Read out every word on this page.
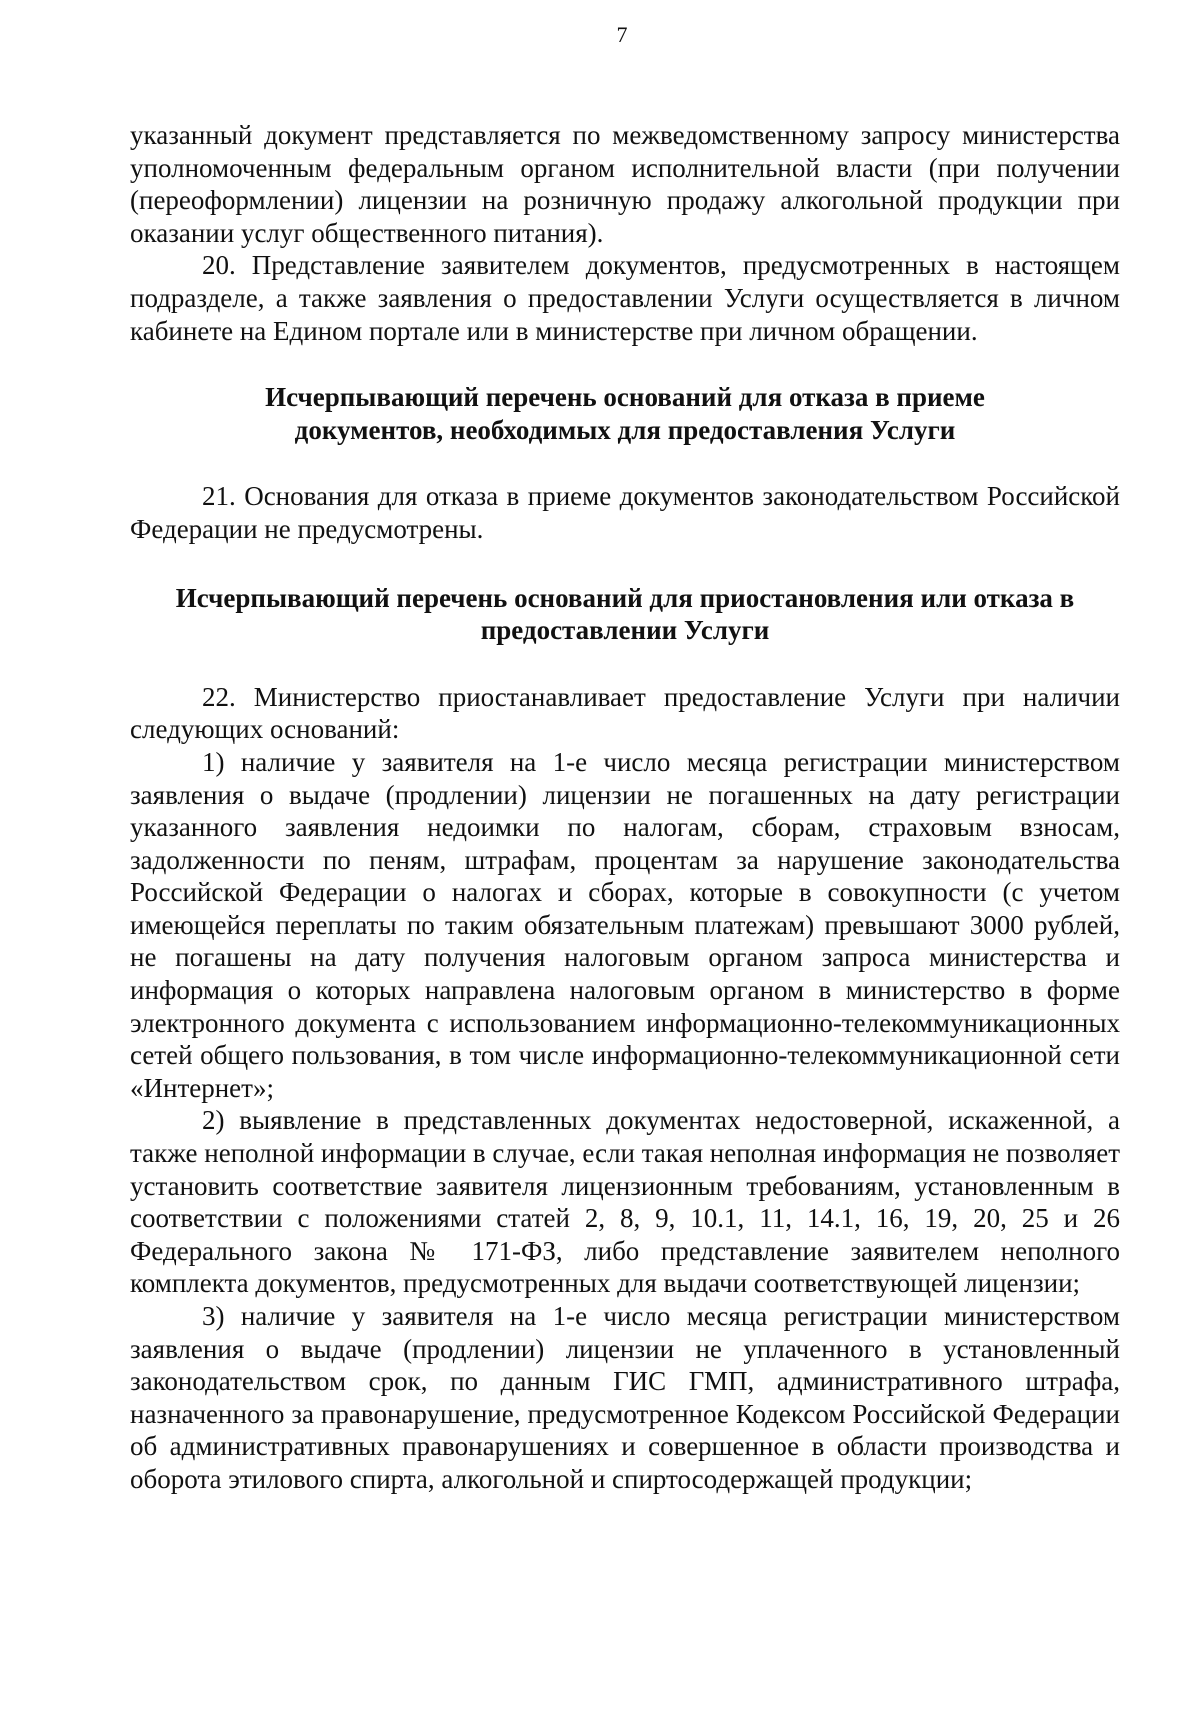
7

указанный документ представляется по межведомственному запросу министерства уполномоченным федеральным органом исполнительной власти (при получении (переоформлении) лицензии на розничную продажу алкогольной продукции при оказании услуг общественного питания).

20. Представление заявителем документов, предусмотренных в настоящем подразделе, а также заявления о предоставлении Услуги осуществляется в личном кабинете на Едином портале или в министерстве при личном обращении.

Исчерпывающий перечень оснований для отказа в приеме документов, необходимых для предоставления Услуги

21. Основания для отказа в приеме документов законодательством Российской Федерации не предусмотрены.

Исчерпывающий перечень оснований для приостановления или отказа в предоставлении Услуги

22. Министерство приостанавливает предоставление Услуги при наличии следующих оснований:

1) наличие у заявителя на 1-е число месяца регистрации министерством заявления о выдаче (продлении) лицензии не погашенных на дату регистрации указанного заявления недоимки по налогам, сборам, страховым взносам, задолженности по пеням, штрафам, процентам за нарушение законодательства Российской Федерации о налогах и сборах, которые в совокупности (с учетом имеющейся переплаты по таким обязательным платежам) превышают 3000 рублей, не погашены на дату получения налоговым органом запроса министерства и информация о которых направлена налоговым органом в министерство в форме электронного документа с использованием информационно-телекоммуникационных сетей общего пользования, в том числе информационно-телекоммуникационной сети «Интернет»;

2) выявление в представленных документах недостоверной, искаженной, а также неполной информации в случае, если такая неполная информация не позволяет установить соответствие заявителя лицензионным требованиям, установленным в соответствии с положениями статей 2, 8, 9, 10.1, 11, 14.1, 16, 19, 20, 25 и 26 Федерального закона № 171-ФЗ, либо представление заявителем неполного комплекта документов, предусмотренных для выдачи соответствующей лицензии;

3) наличие у заявителя на 1-е число месяца регистрации министерством заявления о выдаче (продлении) лицензии не уплаченного в установленный законодательством срок, по данным ГИС ГМП, административного штрафа, назначенного за правонарушение, предусмотренное Кодексом Российской Федерации об административных правонарушениях и совершенное в области производства и оборота этилового спирта, алкогольной и спиртосодержащей продукции;
